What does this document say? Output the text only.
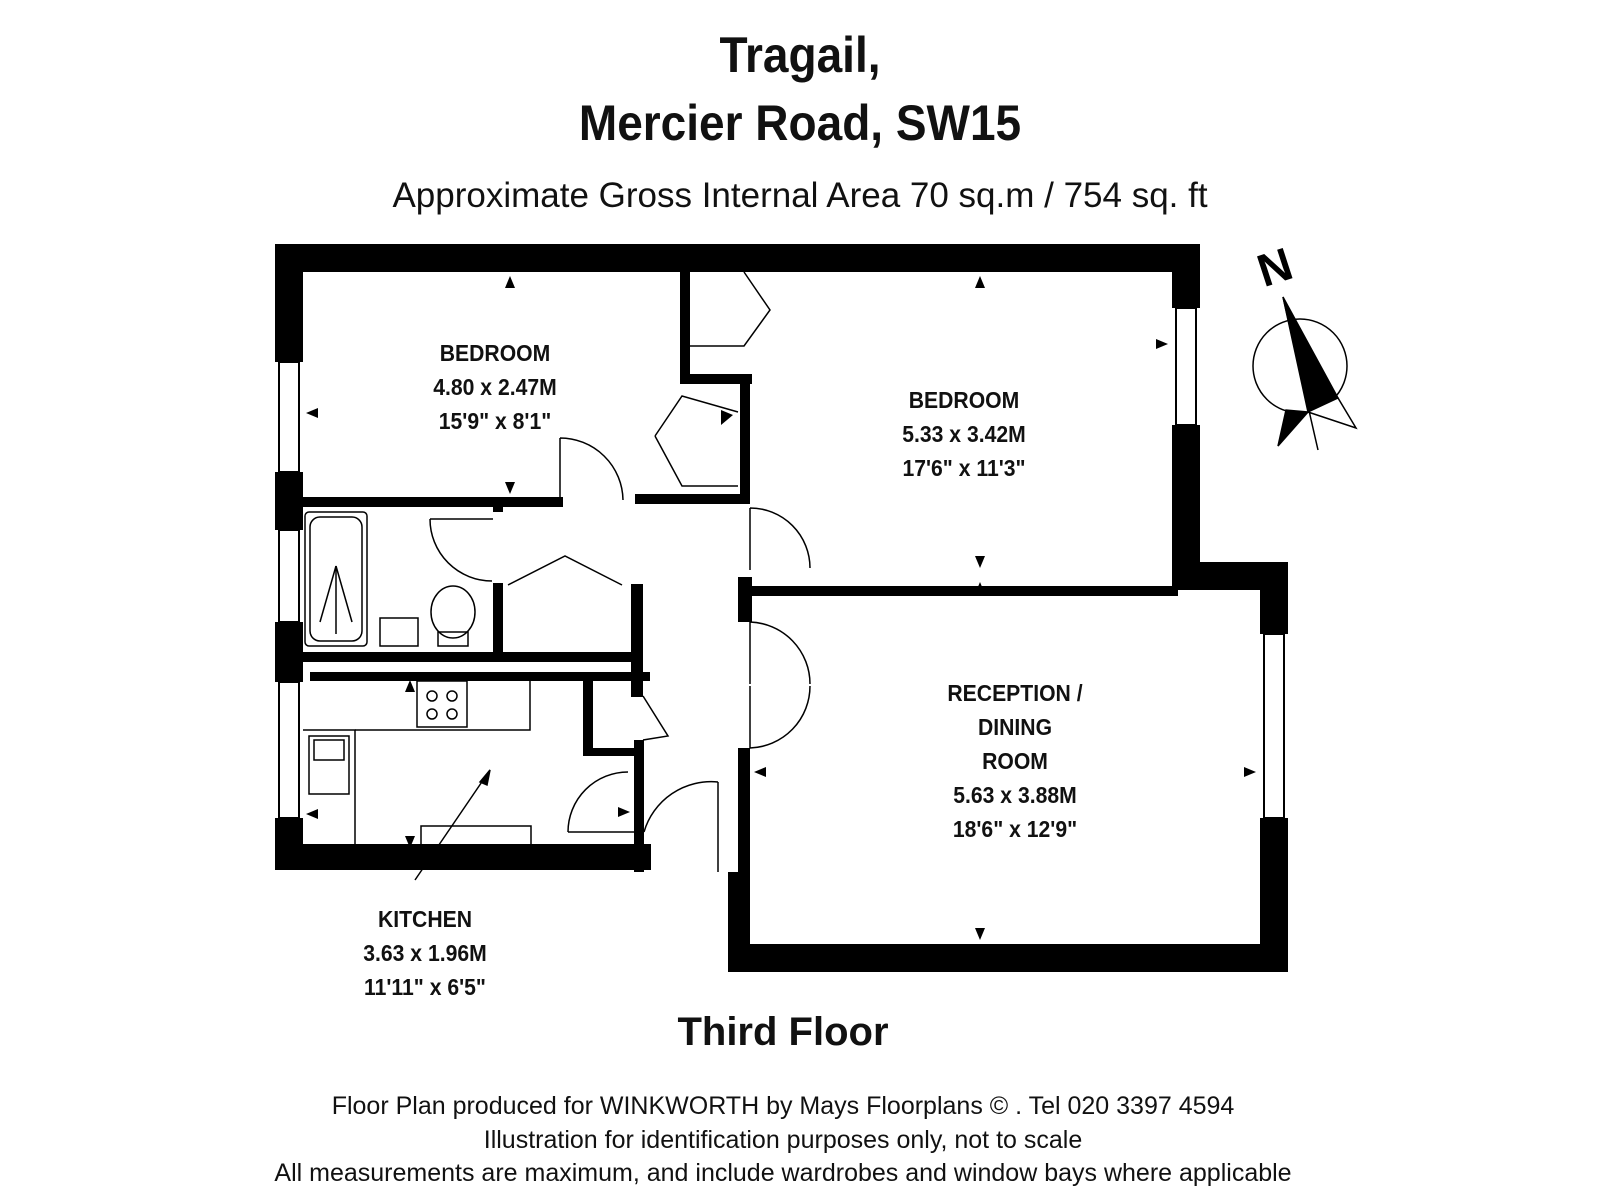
Tragail,
Mercier Road, SW15
Approximate Gross Internal Area 70 sq.m / 754 sq. ft
N
BEDROOM
4.80 x 2.47M
15'9" x 8'1"
BEDROOM
5.33 x 3.42M
17'6" x 11'3"
RECEPTION /
DINING
ROOM
5.63 x 3.88M
18'6" x 12'9"
KITCHEN
3.63 x 1.96M
11'11" x 6'5"
Third Floor
Floor Plan produced for WINKWORTH by Mays Floorplans © . Tel 020 3397 4594
Illustration for identification purposes only, not to scale
All measurements are maximum, and include wardrobes and window bays where applicable
